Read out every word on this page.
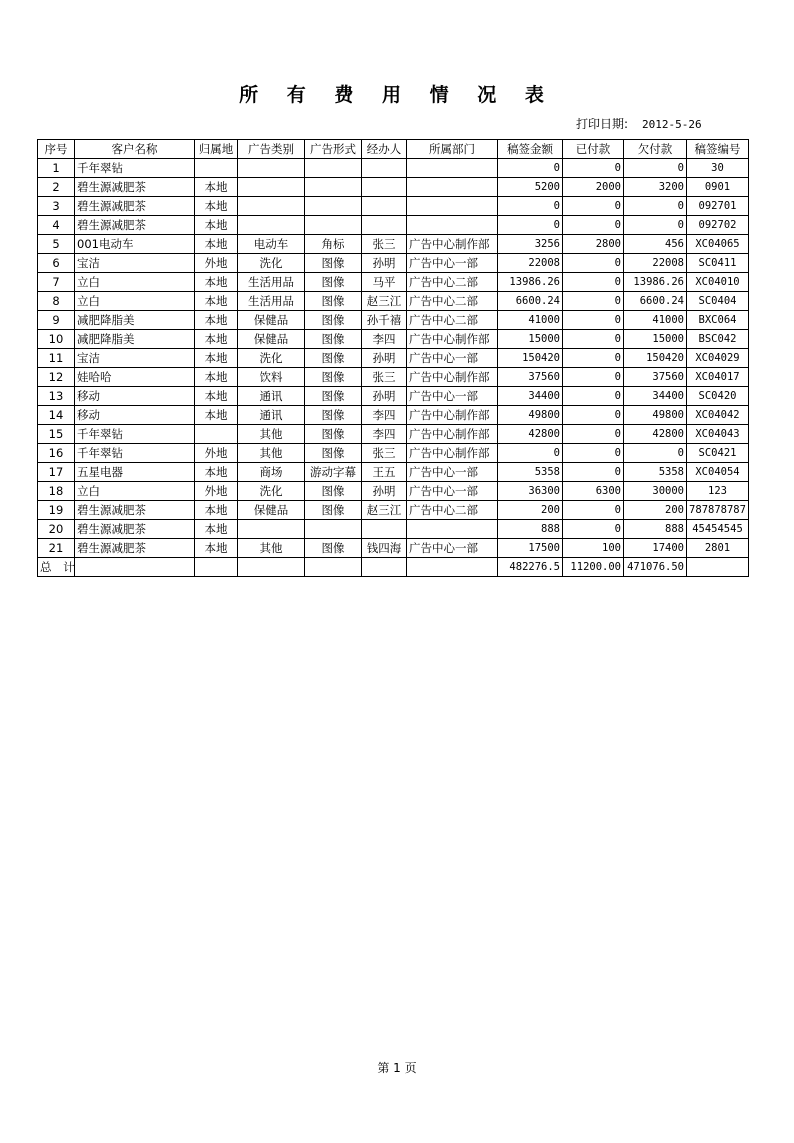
所 有 费 用 情 况 表
打印日期: 2012-5-26
序号	客户名称	归属地	广告类别	广告形式	经办人	所属部门	稿签金额	已付款	欠付款	稿签编号
1	千年翠钻						0	0	0	30
2	碧生源减肥茶	本地					5200	2000	3200	0901
3	碧生源减肥茶	本地					0	0	0	092701
4	碧生源减肥茶	本地					0	0	0	092702
5	001电动车	本地	电动车	角标	张三	广告中心制作部	3256	2800	456	XC04065
6	宝洁	外地	洗化	图像	孙明	广告中心一部	22008	0	22008	SC0411
7	立白	本地	生活用品	图像	马平	广告中心二部	13986.26	0	13986.26	XC04010
8	立白	本地	生活用品	图像	赵三江	广告中心二部	6600.24	0	6600.24	SC0404
9	减肥降脂美	本地	保健品	图像	孙千禧	广告中心二部	41000	0	41000	BXC064
10	减肥降脂美	本地	保健品	图像	李四	广告中心制作部	15000	0	15000	BSC042
11	宝洁	本地	洗化	图像	孙明	广告中心一部	150420	0	150420	XC04029
12	娃哈哈	本地	饮料	图像	张三	广告中心制作部	37560	0	37560	XC04017
13	移动	本地	通讯	图像	孙明	广告中心一部	34400	0	34400	SC0420
14	移动	本地	通讯	图像	李四	广告中心制作部	49800	0	49800	XC04042
15	千年翠钻		其他	图像	李四	广告中心制作部	42800	0	42800	XC04043
16	千年翠钻	外地	其他	图像	张三	广告中心制作部	0	0	0	SC0421
17	五星电器	本地	商场	游动字幕	王五	广告中心一部	5358	0	5358	XC04054
18	立白	外地	洗化	图像	孙明	广告中心一部	36300	6300	30000	123
19	碧生源减肥茶	本地	保健品	图像	赵三江	广告中心二部	200	0	200	787878787
20	碧生源减肥茶	本地					888	0	888	45454545
21	碧生源减肥茶	本地	其他	图像	钱四海	广告中心一部	17500	100	17400	2801
总 计							482276.5	11200.00	471076.50	
第 1 页
